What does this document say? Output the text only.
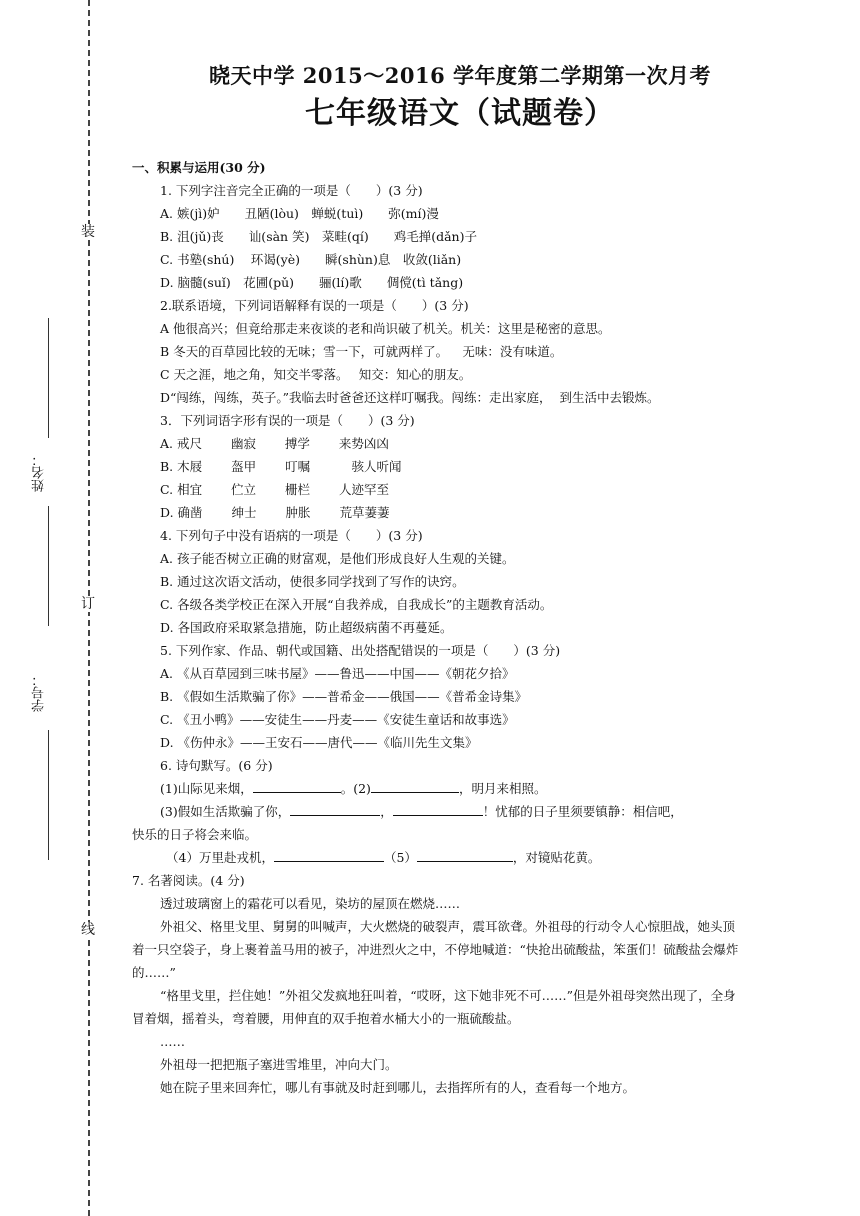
装
订
线
姓名：
学号：
晓天中学 2015～2016 学年度第二学期第一次月考
七年级语文（试题卷）

一、积累与运用(30 分)

1. 下列字注音完全正确的一项是（　　）(3 分)

A. 嫉(jì)妒　　丑陋(lòu)　蝉蜕(tuì)　　弥(mí)漫

B. 沮(jǔ)丧　　讪(sàn 笑)　菜畦(qí)　　鸡毛掸(dǎn)子

C. 书塾(shú)　 环谒(yè)　　瞬(shùn)息　收敛(liǎn)

D. 脑髓(suǐ)　花圃(pǔ)　　骊(lí)歌　　倜傥(tì tǎng)

2.联系语境，下列词语解释有误的一项是（　　）(3 分)

A 他很高兴；但竟给那走来夜谈的老和尚识破了机关。机关：这里是秘密的意思。

B 冬天的百草园比较的无味；雪一下，可就两样了。　  无味：没有味道。

C 天之涯，地之角，知交半零落。　 知交：知心的朋友。

D“闯练，闯练，英子。”我临去时爸爸还这样叮嘱我。闯练：走出家庭，  到生活中去锻炼。

3．下列词语字形有误的一项是（　　）(3 分)

A. 戒尺　　 幽寂　　 搏学　　 来势凶凶

B. 木屐　　 盔甲　　 叮嘱　　　 骇人听闻

C. 相宜　　 伫立　　 栅栏　　 人迹罕至

D. 确凿　　 绅士　　 肿胀　　 荒草萋萋

4. 下列句子中没有语病的一项是（　　）(3 分)

A. 孩子能否树立正确的财富观，是他们形成良好人生观的关键。

B. 通过这次语文活动，使很多同学找到了写作的诀窍。

C. 各级各类学校正在深入开展“自我养成，自我成长”的主题教育活动。

D. 各国政府采取紧急措施，防止超级病菌不再蔓延。

5. 下列作家、作品、朝代或国籍、出处搭配错误的一项是（　　）(3 分)

A. 《从百草园到三味书屋》——鲁迅——中国——《朝花夕拾》

B. 《假如生活欺骗了你》——普希金——俄国——《普希金诗集》

C. 《丑小鸭》——安徒生——丹麦——《安徒生童话和故事选》

D. 《伤仲永》——王安石——唐代——《临川先生文集》

6. 诗句默写。(6 分)

(1)山际见来烟，	。(2)	，明月来相照。

(3)假如生活欺骗了你，	，	！忧郁的日子里须要镇静：相信吧，

快乐的日子将会来临。

（4）万里赴戎机，	（5）	，对镜贴花黄。

7. 名著阅读。(4 分)

透过玻璃窗上的霜花可以看见，染坊的屋顶在燃烧……

外祖父、格里戈里、舅舅的叫喊声，大火燃烧的破裂声，震耳欲聋。外祖母的行动令人心惊胆战，她头顶着一只空袋子，身上裹着盖马用的被子，冲进烈火之中，不停地喊道：“快抢出硫酸盐，笨蛋们！硫酸盐会爆炸的……”

“格里戈里，拦住她！”外祖父发疯地狂叫着，“哎呀，这下她非死不可……”但是外祖母突然出现了，全身冒着烟，摇着头，弯着腰，用伸直的双手抱着水桶大小的一瓶硫酸盐。

……

外祖母一把把瓶子塞进雪堆里，冲向大门。

她在院子里来回奔忙，哪儿有事就及时赶到哪儿，去指挥所有的人，查看每一个地方。
